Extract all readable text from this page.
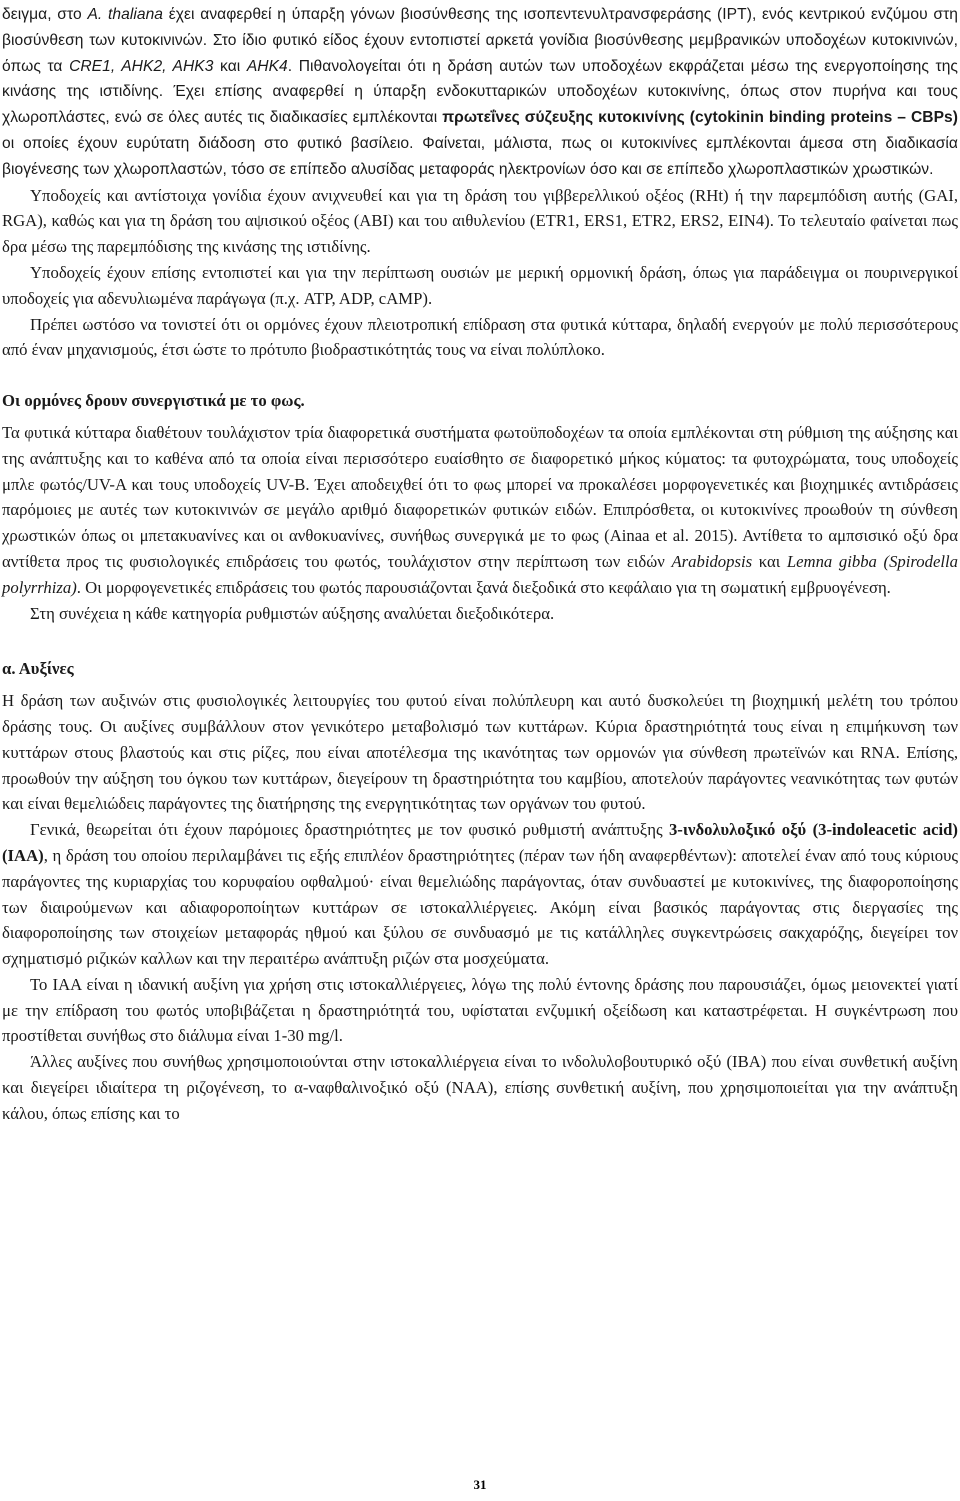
δειγμα, στο A. thaliana έχει αναφερθεί η ύπαρξη γόνων βιοσύνθεσης της ισοπεντενυλτρανσφεράσης (IPT), ενός κεντρικού ενζύμου στη βιοσύνθεση των κυτοκινινών. Στο ίδιο φυτικό είδος έχουν εντοπιστεί αρκετά γονίδια βιοσύνθεσης μεμβρανικών υποδοχέων κυτοκινινών, όπως τα CRE1, AHK2, AHK3 και AHK4. Πιθανολογείται ότι η δράση αυτών των υποδοχέων εκφράζεται μέσω της ενεργοποίησης της κινάσης της ιστιδίνης. Έχει επίσης αναφερθεί η ύπαρξη ενδοκυτταρικών υποδοχέων κυτοκινίνης, όπως στον πυρήνα και τους χλωροπλάστες, ενώ σε όλες αυτές τις διαδικασίες εμπλέκονται πρωτεΐνες σύζευξης κυτοκινίνης (cytokinin binding proteins – CBPs) οι οποίες έχουν ευρύτατη διάδοση στο φυτικό βασίλειο. Φαίνεται, μάλιστα, πως οι κυτοκινίνες εμπλέκονται άμεσα στη διαδικασία βιογένεσης των χλωροπλαστών, τόσο σε επίπεδο αλυσίδας μεταφοράς ηλεκτρονίων όσο και σε επίπεδο χλωροπλαστικών χρωστικών.

Υποδοχείς και αντίστοιχα γονίδια έχουν ανιχνευθεί και για τη δράση του γιββερελλικού οξέος (RHt) ή την παρεμπόδιση αυτής (GAI, RGA), καθώς και για τη δράση του αψισικού οξέος (ABI) και του αιθυλενίου (ETR1, ERS1, ETR2, ERS2, EIN4). Το τελευταίο φαίνεται πως δρα μέσω της παρεμπόδισης της κινάσης της ιστιδίνης.

Υποδοχείς έχουν επίσης εντοπιστεί και για την περίπτωση ουσιών με μερική ορμονική δράση, όπως για παράδειγμα οι πουρινεργικοί υποδοχείς για αδενυλιωμένα παράγωγα (π.χ. ATP, ADP, cAMP).

Πρέπει ωστόσο να τονιστεί ότι οι ορμόνες έχουν πλειοτροπική επίδραση στα φυτικά κύτταρα, δηλαδή ενεργούν με πολύ περισσότερους από έναν μηχανισμούς, έτσι ώστε το πρότυπο βιοδραστικότητάς τους να είναι πολύπλοκο.

Οι ορμόνες δρουν συνεργιστικά με το φως.

Τα φυτικά κύτταρα διαθέτουν τουλάχιστον τρία διαφορετικά συστήματα φωτοϋποδοχέων τα οποία εμπλέκονται στη ρύθμιση της αύξησης και της ανάπτυξης και το καθένα από τα οποία είναι περισσότερο ευαίσθητο σε διαφορετικό μήκος κύματος: τα φυτοχρώματα, τους υποδοχείς μπλε φωτός/UV-A και τους υποδοχείς UV-B. Έχει αποδειχθεί ότι το φως μπορεί να προκαλέσει μορφογενετικές και βιοχημικές αντιδράσεις παρόμοιες με αυτές των κυτοκινινών σε μεγάλο αριθμό διαφορετικών φυτικών ειδών. Επιπρόσθετα, οι κυτοκινίνες προωθούν τη σύνθεση χρωστικών όπως οι μπετακυανίνες και οι ανθοκυανίνες, συνήθως συνεργικά με το φως (Ainaa et al. 2015). Αντίθετα το αμπσισικό οξύ δρα αντίθετα προς τις φυσιολογικές επιδράσεις του φωτός, τουλάχιστον στην περίπτωση των ειδών Arabidopsis και Lemna gibba (Spirodella polyrrhiza). Οι μορφογενετικές επιδράσεις του φωτός παρουσιάζονται ξανά διεξοδικά στο κεφάλαιο για τη σωματική εμβρυογένεση.

Στη συνέχεια η κάθε κατηγορία ρυθμιστών αύξησης αναλύεται διεξοδικότερα.

α. Αυξίνες

Η δράση των αυξινών στις φυσιολογικές λειτουργίες του φυτού είναι πολύπλευρη και αυτό δυσκολεύει τη βιοχημική μελέτη του τρόπου δράσης τους. Οι αυξίνες συμβάλλουν στον γενικότερο μεταβολισμό των κυττάρων. Κύρια δραστηριότητά τους είναι η επιμήκυνση των κυττάρων στους βλαστούς και στις ρίζες, που είναι αποτέλεσμα της ικανότητας των ορμονών για σύνθεση πρωτεϊνών και RNA. Επίσης, προωθούν την αύξηση του όγκου των κυττάρων, διεγείρουν τη δραστηριότητα του καμβίου, αποτελούν παράγοντες νεανικότητας των φυτών και είναι θεμελιώδεις παράγοντες της διατήρησης της ενεργητικότητας των οργάνων του φυτού.

Γενικά, θεωρείται ότι έχουν παρόμοιες δραστηριότητες με τον φυσικό ρυθμιστή ανάπτυξης 3-ινδολυλοξικό οξύ (3-indoleacetic acid) (IAA), η δράση του οποίου περιλαμβάνει τις εξής επιπλέον δραστηριότητες (πέραν των ήδη αναφερθέντων): αποτελεί έναν από τους κύριους παράγοντες της κυριαρχίας του κορυφαίου οφθαλμού· είναι θεμελιώδης παράγοντας, όταν συνδυαστεί με κυτοκινίνες, της διαφοροποίησης των διαιρούμενων και αδιαφοροποίητων κυττάρων σε ιστοκαλλιέργειες. Ακόμη είναι βασικός παράγοντας στις διεργασίες της διαφοροποίησης των στοιχείων μεταφοράς ηθμού και ξύλου σε συνδυασμό με τις κατάλληλες συγκεντρώσεις σακχαρόζης, διεγείρει τον σχηματισμό ριζικών καλλων και την περαιτέρω ανάπτυξη ριζών στα μοσχεύματα.

Το IAA είναι η ιδανική αυξίνη για χρήση στις ιστοκαλλιέργειες, λόγω της πολύ έντονης δράσης που παρουσιάζει, όμως μειονεκτεί γιατί με την επίδραση του φωτός υποβιβάζεται η δραστηριότητά του, υφίσταται ενζυμική οξείδωση και καταστρέφεται. Η συγκέντρωση που προστίθεται συνήθως στο διάλυμα είναι 1-30 mg/l.

Άλλες αυξίνες που συνήθως χρησιμοποιούνται στην ιστοκαλλιέργεια είναι το ινδολυλοβουτυρικό οξύ (IBA) που είναι συνθετική αυξίνη και διεγείρει ιδιαίτερα τη ριζογένεση, το α-ναφθαλινοξικό οξύ (NAA), επίσης συνθετική αυξίνη, που χρησιμοποιείται για την ανάπτυξη κάλου, όπως επίσης και το

31
